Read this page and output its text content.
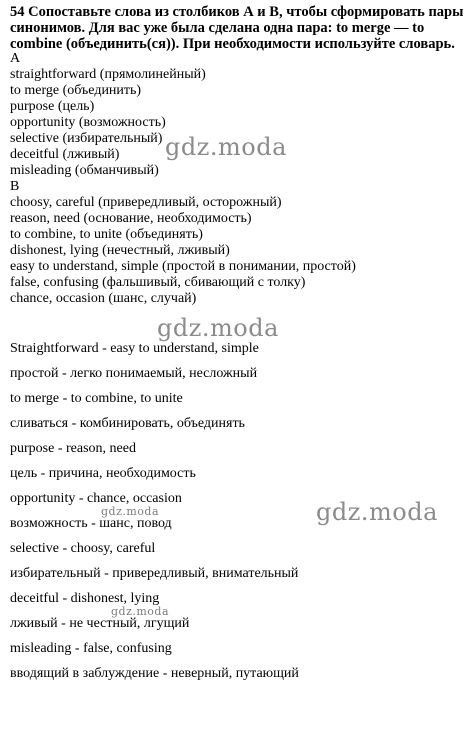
54 Сопоставьте слова из столбиков А и В, чтобы сформировать пары синонимов. Для вас уже была сделана одна пара: to merge — to combine (объединить(ся)). При необходимости используйте словарь.
A
straightforward (прямолинейный)
to merge (объединить)
purpose (цель)
opportunity (возможность)
selective (избирательный)
deceitful (лживый)
misleading (обманчивый)
B
choosy, careful (привередливый, осторожный)
reason, need (основание, необходимость)
to combine, to unite (объединять)
dishonest, lying (нечестный, лживый)
easy to understand, simple (простой в понимании, простой)
false, confusing (фальшивый, сбивающий с толку)
chance, occasion (шанс, случай)
Straightforward - easy to understand, simple
простой - легко понимаемый, несложный
to merge - to combine, to unite
сливаться - комбинировать, объединять
purpose - reason, need
цель - причина, необходимость
opportunity - chance, occasion
возможность - шанс, повод
selective - choosy, careful
избирательный - привередливый, внимательный
deceitful - dishonest, lying
лживый - не честный, лгущий
misleading - false, confusing
вводящий в заблуждение - неверный, путающий
gdz.moda
gdz.moda
gdz.moda
gdz.moda
gdz.moda
